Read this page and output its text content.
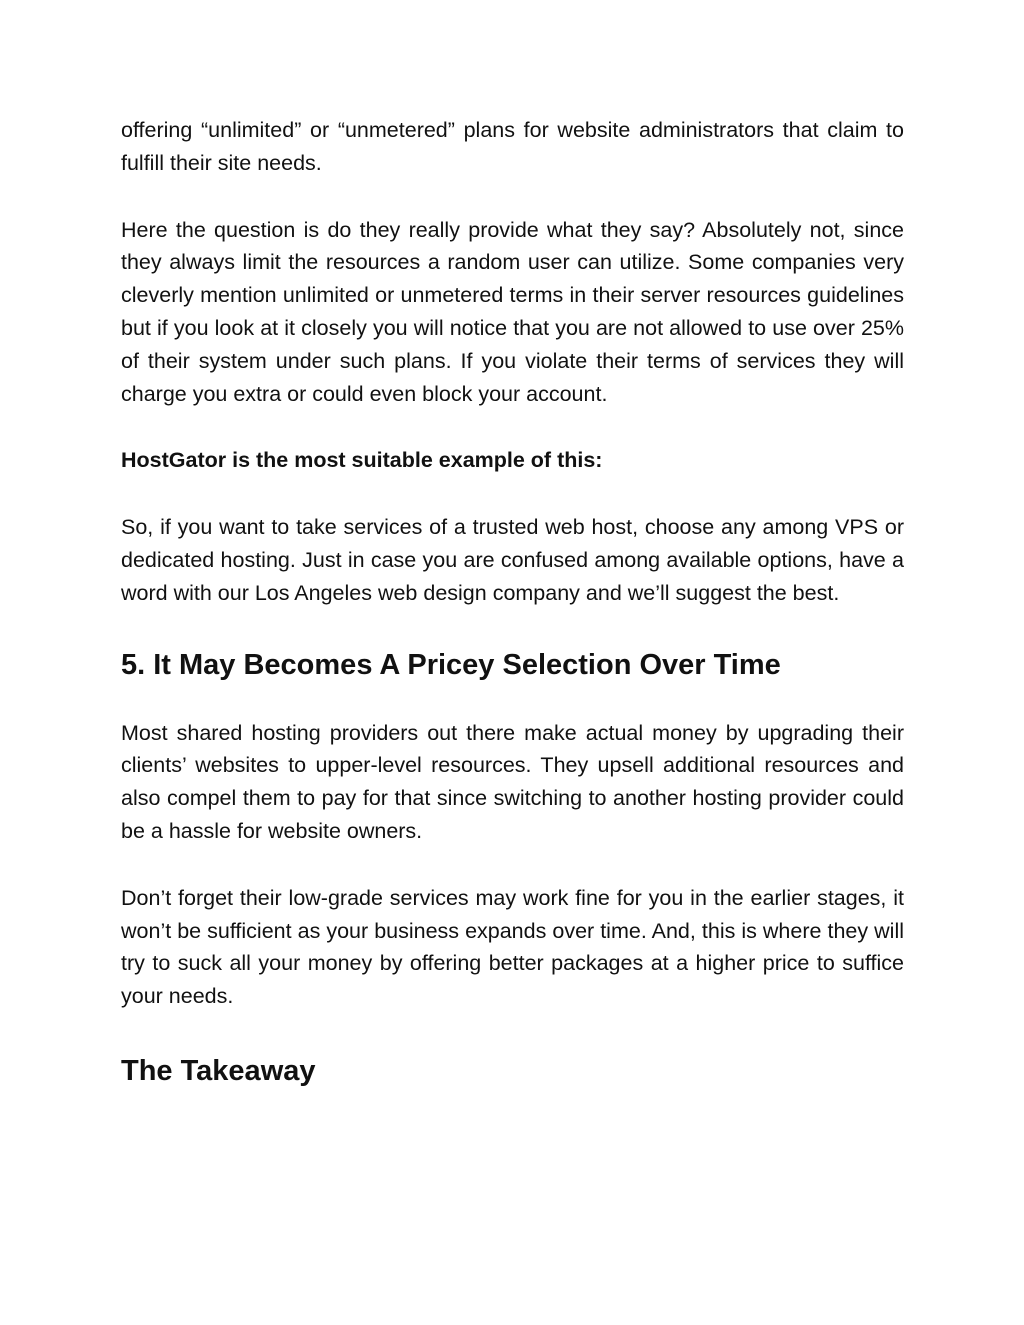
offering “unlimited” or “unmetered” plans for website administrators that claim to fulfill their site needs.

Here the question is do they really provide what they say? Absolutely not, since they always limit the resources a random user can utilize. Some companies very cleverly mention unlimited or unmetered terms in their server resources guidelines but if you look at it closely you will notice that you are not allowed to use over 25% of their system under such plans. If you violate their terms of services they will charge you extra or could even block your account.

HostGator is the most suitable example of this:

So, if you want to take services of a trusted web host, choose any among VPS or dedicated hosting. Just in case you are confused among available options, have a word with our Los Angeles web design company and we’ll suggest the best.

5. It May Becomes A Pricey Selection Over Time

Most shared hosting providers out there make actual money by upgrading their clients’ websites to upper-level resources. They upsell additional resources and also compel them to pay for that since switching to another hosting provider could be a hassle for website owners.

Don’t forget their low-grade services may work fine for you in the earlier stages, it won’t be sufficient as your business expands over time. And, this is where they will try to suck all your money by offering better packages at a higher price to suffice your needs.

The Takeaway
